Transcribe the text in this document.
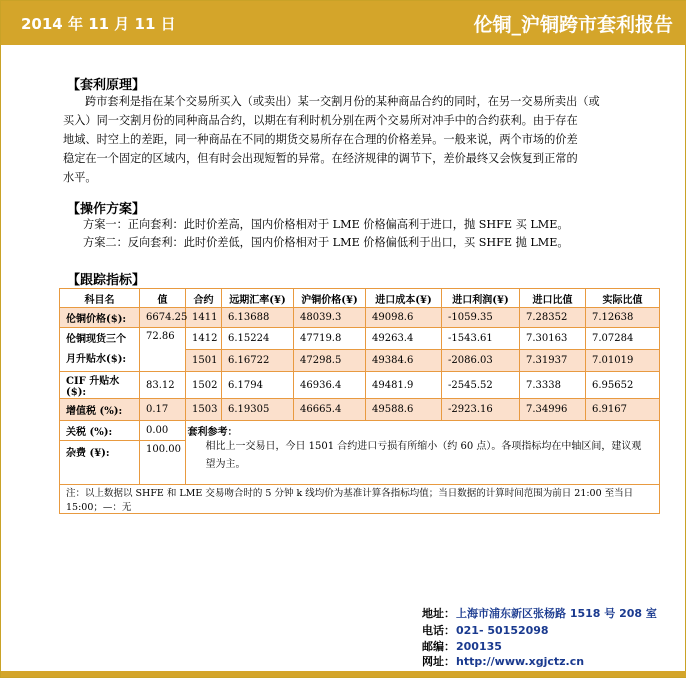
2014 年 11 月 11 日	伦铜_沪铜跨市套利报告
【套利原理】
跨市套利是指在某个交易所买入（或卖出）某一交割月份的某种商品合约的同时，在另一交易所卖出（或
买入）同一交割月份的同种商品合约，以期在有利时机分别在两个交易所对冲手中的合约获利。由于存在
地域、时空上的差距，同一种商品在不同的期货交易所存在合理的价格差异。一般来说，两个市场的价差
稳定在一个固定的区域内，但有时会出现短暂的异常。在经济规律的调节下，差价最终又会恢复到正常的
水平。
【操作方案】
方案一：正向套利：此时价差高，国内价格相对于 LME 价格偏高利于进口，抛 SHFE 买 LME。
方案二：反向套利：此时价差低，国内价格相对于 LME 价格偏低利于出口，买 SHFE 抛 LME。
【跟踪指标】
科目名	值	合约	远期汇率(¥)	沪铜价格(¥)	进口成本(¥)	进口利润(¥)	进口比值	实际比值
伦铜价格($):	6674.25	1411	6.13688	48039.3	49098.6	-1059.35	7.28352	7.12638

伦铜现货三个
月升贴水($):	72.86	1412	6.15224	47719.8	49263.4	-1543.61	7.30163	7.07284
		1501	6.16722	47298.5	49384.6	-2086.03	7.31937	7.01019
CIF 升贴水($):	83.12	1502	6.1794	46936.4	49481.9	-2545.52	7.3338	6.95652
增值税 (%):	0.17	1503	6.19305	46665.4	49588.6	-2923.16	7.34996	6.9167
关税 (%):	0.00		套利参考：
相比上一交易日，今日 1501 合约进口亏损有所缩小（约 60 点）。各项指标均在中轴区间，建议观
望为主。					

杂费 (¥):	100.00							
注：以上数据以 SHFE 和 LME 交易吻合时的 5 分钟 k 线均价为基准计算各指标均值；当日数据的计算时间范围为前日 21:00 至当日 15:00；—：无								
地址：上海市浦东新区张杨路 1518 号 208 室
电话：021- 50152098
邮编：200135
网址：http://www.xgjctz.cn
